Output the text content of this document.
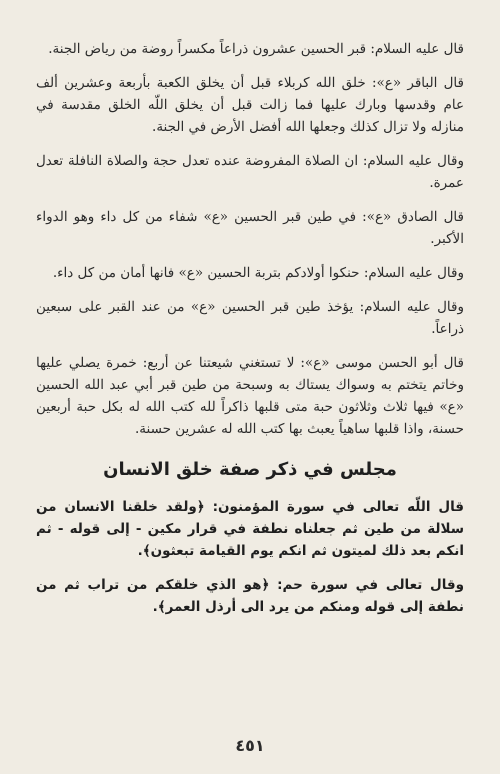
قال عليه السلام: قبر الحسين عشرون ذراعاً مكسراً روضة من رياض الجنة.

قال الباقر «ع»: خلق الله كربلاء قبل أن يخلق الكعبة بأربعة وعشرين ألف عام وقدسها وبارك عليها فما زالت قبل أن يخلق اللّه الخلق مقدسة في منازله ولا تزال كذلك وجعلها الله أفضل الأرض في الجنة.

وقال عليه السلام: ان الصلاة المفروضة عنده تعدل حجة والصلاة النافلة تعدل عمرة.

قال الصادق «ع»: في طين قبر الحسين «ع» شفاء من كل داء وهو الدواء الأكبر.

وقال عليه السلام: حنكوا أولادكم بتربة الحسين «ع» فانها أمان من كل داء.

وقال عليه السلام: يؤخذ طين قبر الحسين «ع» من عند القبر على سبعين ذراعاً.

قال أبو الحسن موسى «ع»: لا تستغني شيعتنا عن أربع: خمرة يصلي عليها وخاتم يتختم به وسواك يستاك به وسبحة من طين قبر أبي عبد الله الحسين «ع» فيها ثلاث وثلاثون حبة متى قلبها ذاكراً لله كتب الله له بكل حبة أربعين حسنة، واذا قلبها ساهياً يعبث بها كتب الله له عشرين حسنة.

مجلس في ذكر صفة خلق الانسان

قال اللّه تعالى في سورة المؤمنون: ﴿ولقد خلقنا الانسان من سلالة من طين ثم جعلناه نطفة في قرار مكين - إلى قوله - ثم انكم بعد ذلك لميتون ثم انكم يوم القيامة تبعثون﴾.

وقال تعالى في سورة حم: ﴿هو الذي خلقكم من تراب ثم من نطفة إلى قوله ومنكم من يرد الى أرذل العمر﴾.

٤٥١
